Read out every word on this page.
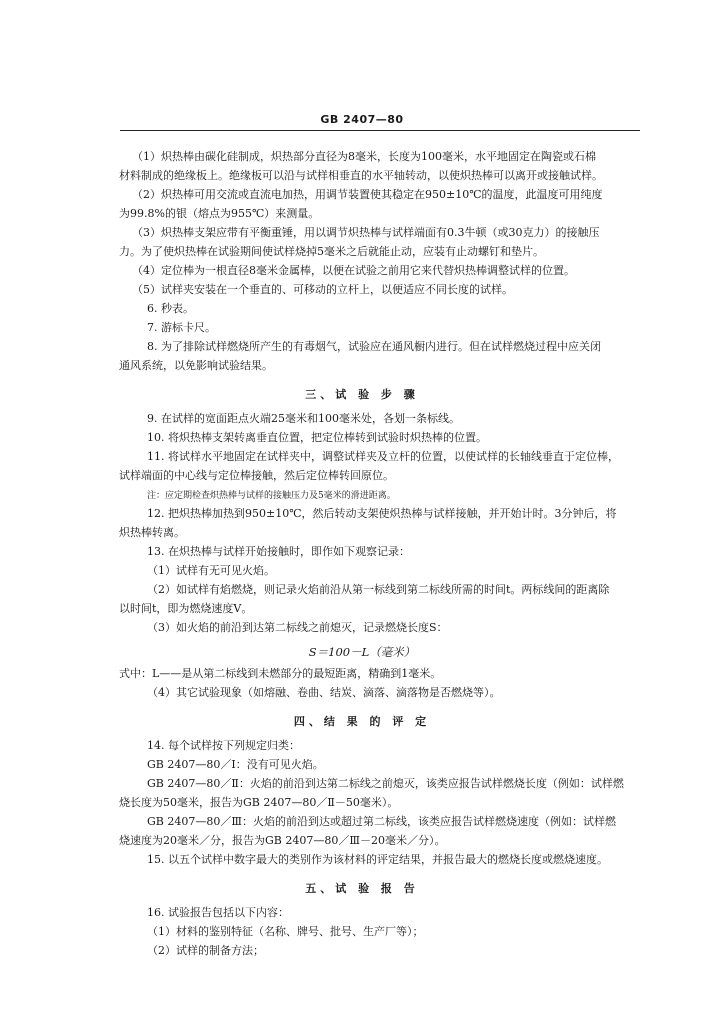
GB 2407—80
（1）炽热棒由碳化硅制成，炽热部分直径为8毫米，长度为100毫米，水平地固定在陶瓷或石棉
材料制成的绝缘板上。绝缘板可以沿与试样相垂直的水平轴转动，以使炽热棒可以离开或接触试样。
（2）炽热棒可用交流或直流电加热，用调节装置使其稳定在950±10℃的温度，此温度可用纯度
为99.8%的银（熔点为955℃）来测量。
（3）炽热棒支架应带有平衡重锤，用以调节炽热棒与试样端面有0.3牛顿（或30克力）的接触压
力。为了使炽热棒在试验期间使试样烧掉5毫米之后就能止动，应装有止动螺钉和垫片。
（4）定位棒为一根直径8毫米金属棒，以便在试验之前用它来代替炽热棒调整试样的位置。
（5）试样夹安装在一个垂直的、可移动的立杆上，以便适应不同长度的试样。
6. 秒表。
7. 游标卡尺。
8. 为了排除试样燃烧所产生的有毒烟气，试验应在通风橱内进行。但在试样燃烧过程中应关闭
通风系统，以免影响试验结果。
三、试 验 步 骤
9. 在试样的宽面距点火端25毫米和100毫米处，各划一条标线。
10. 将炽热棒支架转离垂直位置，把定位棒转到试验时炽热棒的位置。
11. 将试样水平地固定在试样夹中，调整试样夹及立杆的位置，以使试样的长轴线垂直于定位棒，
试样端面的中心线与定位棒接触，然后定位棒转回原位。
注：应定期检查炽热棒与试样的接触压力及5毫米的滑进距离。
12. 把炽热棒加热到950±10℃，然后转动支架使炽热棒与试样接触，并开始计时。3分钟后，将
炽热棒转离。
13. 在炽热棒与试样开始接触时，即作如下观察记录：
（1）试样有无可见火焰。
（2）如试样有焰燃烧，则记录火焰前沿从第一标线到第二标线所需的时间t。两标线间的距离除
以时间t，即为燃烧速度V。
（3）如火焰的前沿到达第二标线之前熄灭，记录燃烧长度S：
S＝100－L（毫米）
式中：L——是从第二标线到未燃部分的最短距离，精确到1毫米。
（4）其它试验现象（如熔融、卷曲、结炭、滴落、滴落物是否燃烧等）。
四、结 果 的 评 定
14. 每个试样按下列规定归类：
GB 2407—80／Ⅰ：没有可见火焰。
GB 2407—80／Ⅱ：火焰的前沿到达第二标线之前熄灭，该类应报告试样燃烧长度（例如：试样燃
烧长度为50毫米，报告为GB 2407—80／Ⅱ－50毫米）。
GB 2407—80／Ⅲ：火焰的前沿到达或超过第二标线，该类应报告试样燃烧速度（例如：试样燃
烧速度为20毫米／分，报告为GB 2407—80／Ⅲ－20毫米／分）。
15. 以五个试样中数字最大的类别作为该材料的评定结果，并报告最大的燃烧长度或燃烧速度。
五、试 验 报 告
16. 试验报告包括以下内容：
（1）材料的鉴别特征（名称、牌号、批号、生产厂等）；
（2）试样的制备方法；
